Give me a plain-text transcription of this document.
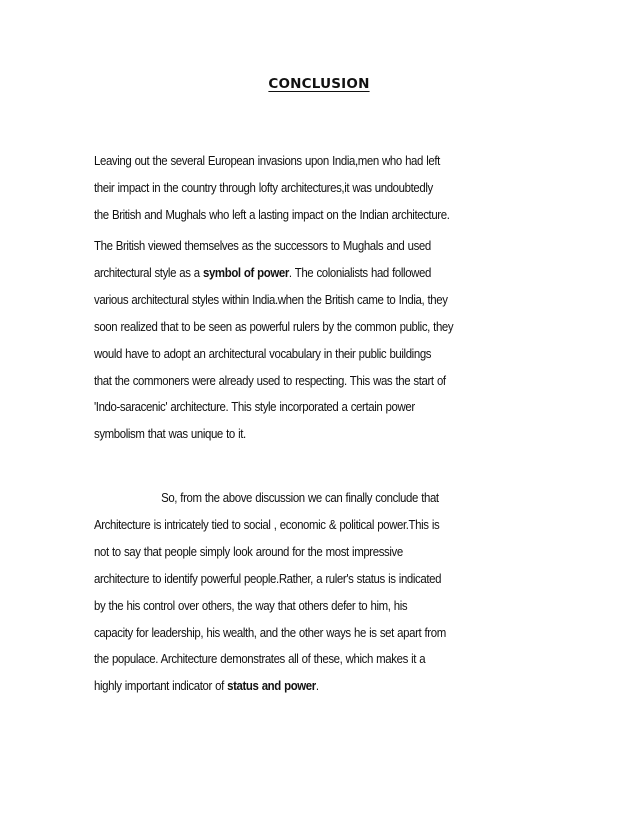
CONCLUSION

Leaving out the several European invasions upon India,men who had left
their impact in the country through lofty architectures,it was undoubtedly
the British and Mughals who left a lasting impact on the Indian architecture.

The British viewed themselves as the successors to Mughals and used
architectural style as a symbol of power. The colonialists had followed
various architectural styles within India.when the British came to India, they
soon realized that to be seen as powerful rulers by the common public, they
would have to adopt an architectural vocabulary in their public buildings
that the commoners were already used to respecting. This was the start of
'Indo-saracenic' architecture. This style incorporated a certain power
symbolism that was unique to it.

So, from the above discussion we can finally conclude that
Architecture is intricately tied to social , economic & political power.This is
not to say that people simply look around for the most impressive
architecture to identify powerful people.Rather, a ruler's status is indicated
by the his control over others, the way that others defer to him, his
capacity for leadership, his wealth, and the other ways he is set apart from
the populace. Architecture demonstrates all of these, which makes it a
highly important indicator of status and power.
